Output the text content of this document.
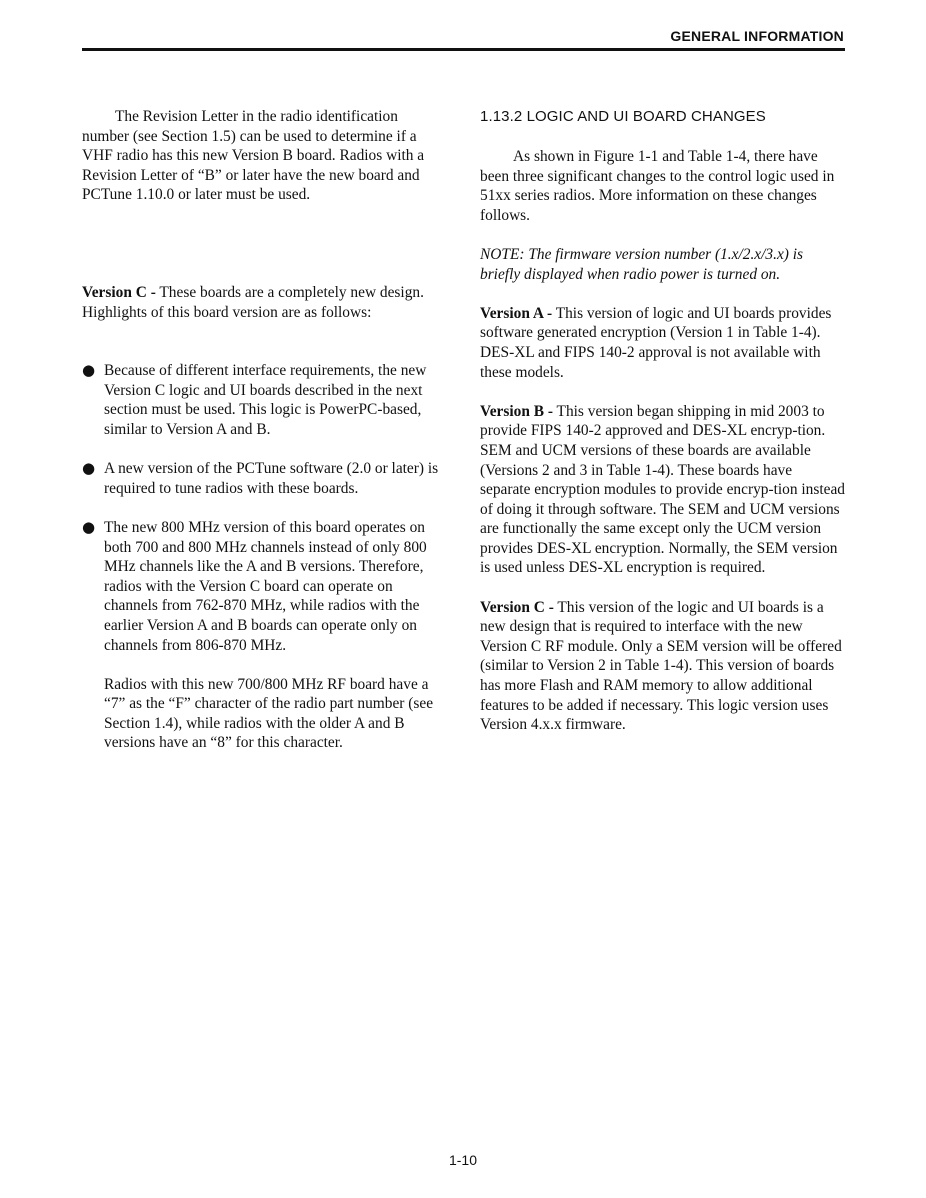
GENERAL INFORMATION

The Revision Letter in the radio identification number (see Section 1.5) can be used to determine if a VHF radio has this new Version B board. Radios with a Revision Letter of “B” or later have the new board and PCTune 1.10.0 or later must be used.

Version C - These boards are a completely new design. Highlights of this board version are as follows:

● Because of different interface requirements, the new Version C logic and UI boards described in the next section must be used. This logic is PowerPC-based, similar to Version A and B.
● A new version of the PCTune software (2.0 or later) is required to tune radios with these boards.
● The new 800 MHz version of this board operates on both 700 and 800 MHz channels instead of only 800 MHz channels like the A and B versions. Therefore, radios with the Version C board can operate on channels from 762-870 MHz, while radios with the earlier Version A and B boards can operate only on channels from 806-870 MHz.

Radios with this new 700/800 MHz RF board have a “7” as the “F” character of the radio part number (see Section 1.4), while radios with the older A and B versions have an “8” for this character.

1.13.2 LOGIC AND UI BOARD CHANGES

As shown in Figure 1-1 and Table 1-4, there have been three significant changes to the control logic used in 51xx series radios. More information on these changes follows.

NOTE: The firmware version number (1.x/2.x/3.x) is briefly displayed when radio power is turned on.

Version A - This version of logic and UI boards provides software generated encryption (Version 1 in Table 1-4). DES-XL and FIPS 140-2 approval is not available with these models.

Version B - This version began shipping in mid 2003 to provide FIPS 140-2 approved and DES-XL encryp-tion. SEM and UCM versions of these boards are available (Versions 2 and 3 in Table 1-4). These boards have separate encryption modules to provide encryp-tion instead of doing it through software. The SEM and UCM versions are functionally the same except only the UCM version provides DES-XL encryption. Normally, the SEM version is used unless DES-XL encryption is required.

Version C - This version of the logic and UI boards is a new design that is required to interface with the new Version C RF module. Only a SEM version will be offered (similar to Version 2 in Table 1-4). This version of boards has more Flash and RAM memory to allow additional features to be added if necessary. This logic version uses Version 4.x.x firmware.

1-10
